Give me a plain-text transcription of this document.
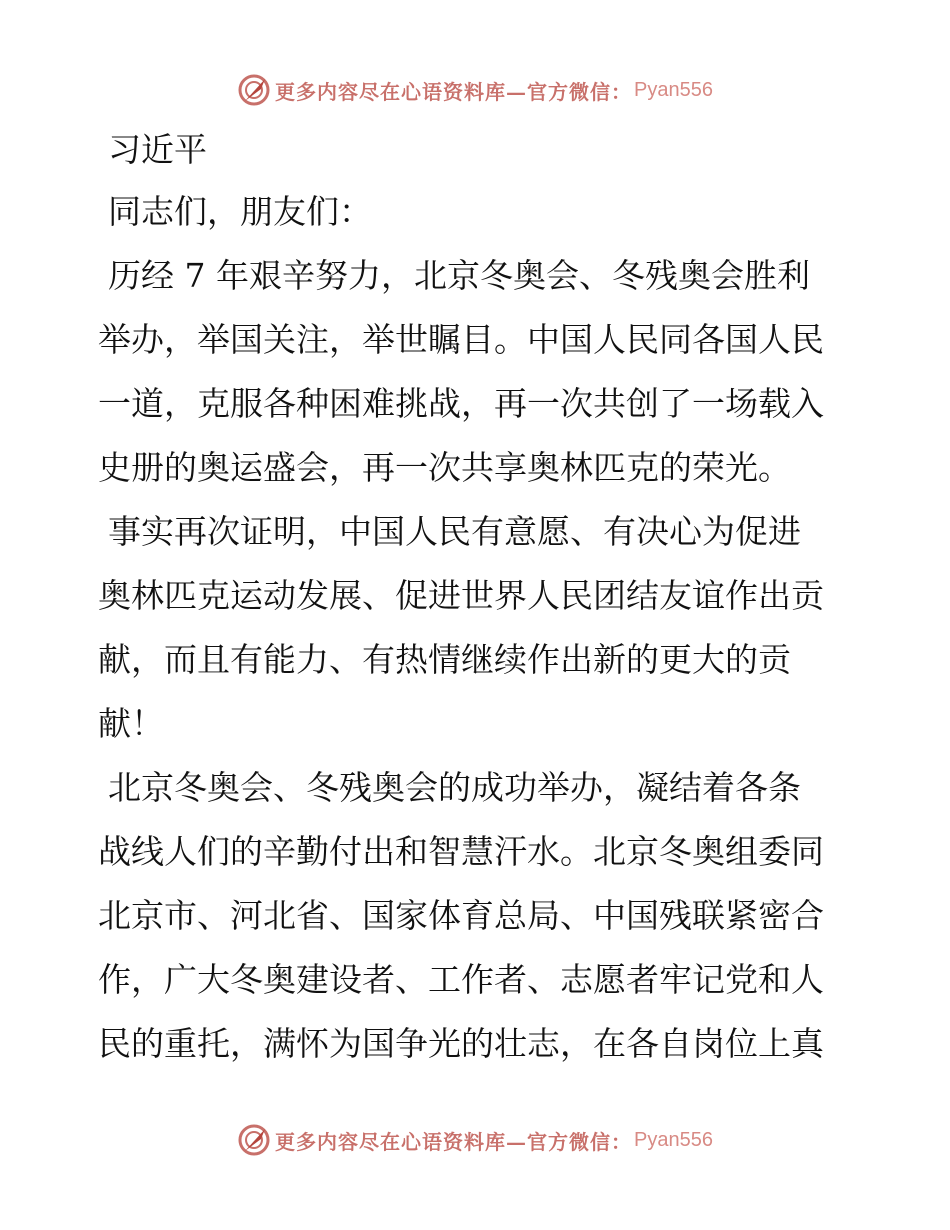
更多内容尽在心语资料库—官方微信： Pyan556
习近平
同志们，朋友们：
历经 7 年艰辛努力，北京冬奥会、冬残奥会胜利
举办，举国关注，举世瞩目。中国人民同各国人民
一道，克服各种困难挑战，再一次共创了一场载入
史册的奥运盛会，再一次共享奥林匹克的荣光。
事实再次证明，中国人民有意愿、有决心为促进
奥林匹克运动发展、促进世界人民团结友谊作出贡
献，而且有能力、有热情继续作出新的更大的贡
献！
北京冬奥会、冬残奥会的成功举办，凝结着各条
战线人们的辛勤付出和智慧汗水。北京冬奥组委同
北京市、河北省、国家体育总局、中国残联紧密合
作，广大冬奥建设者、工作者、志愿者牢记党和人
民的重托，满怀为国争光的壮志，在各自岗位上真
更多内容尽在心语资料库—官方微信： Pyan556
